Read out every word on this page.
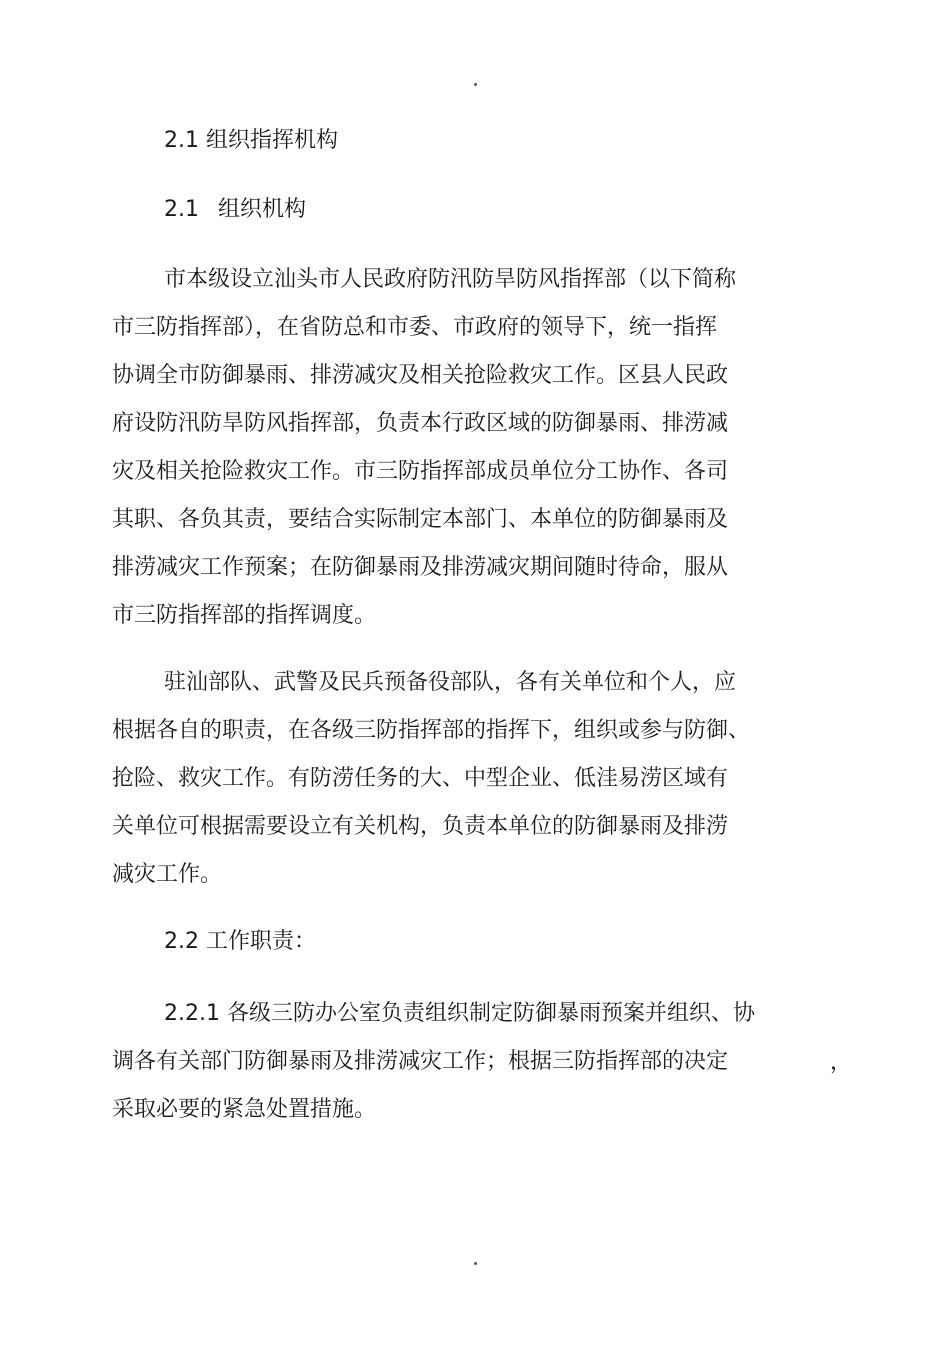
2.1 组织指挥机构
2.1 组织机构
市本级设立汕头市人民政府防汛防旱防风指挥部（以下简称
市三防指挥部），在省防总和市委、市政府的领导下，统一指挥
协调全市防御暴雨、排涝减灾及相关抢险救灾工作。区县人民政
府设防汛防旱防风指挥部，负责本行政区域的防御暴雨、排涝减
灾及相关抢险救灾工作。市三防指挥部成员单位分工协作、各司
其职、各负其责，要结合实际制定本部门、本单位的防御暴雨及
排涝减灾工作预案；在防御暴雨及排涝减灾期间随时待命，服从
市三防指挥部的指挥调度。
驻汕部队、武警及民兵预备役部队，各有关单位和个人，应
根据各自的职责，在各级三防指挥部的指挥下，组织或参与防御、
抢险、救灾工作。有防涝任务的大、中型企业、低洼易涝区域有
关单位可根据需要设立有关机构，负责本单位的防御暴雨及排涝
减灾工作。
2.2 工作职责：
2.2.1 各级三防办公室负责组织制定防御暴雨预案并组织、协
调各有关部门防御暴雨及排涝减灾工作；根据三防指挥部的决定
采取必要的紧急处置措施。
，
